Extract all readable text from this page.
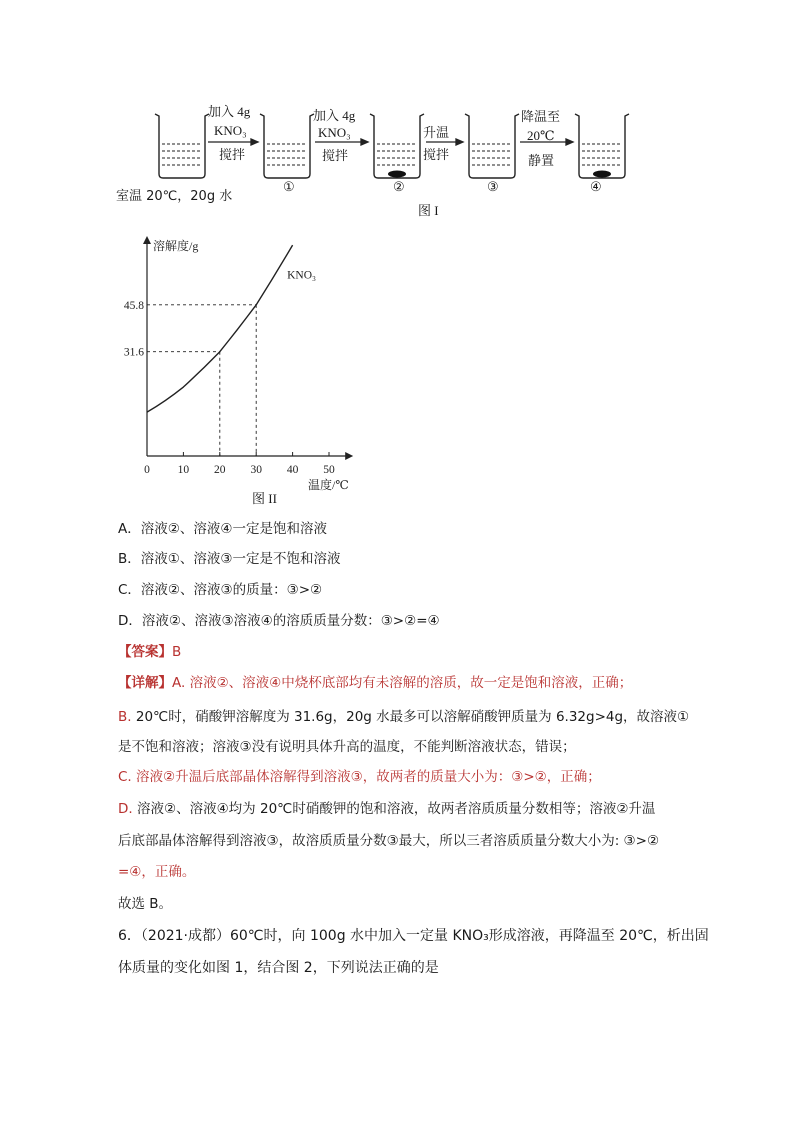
加入 4g
KNO₃
搅拌
加入 4g
KNO₃
搅拌
升温
搅拌
降温至
20℃
静置
室温 20℃，20g 水
①	②	③	④
图 I
溶解度/g
温度/℃
0 10 20 30 40 50
31.6
45.8
KNO₃
图 II
A．溶液②、溶液④一定是饱和溶液
B．溶液①、溶液③一定是不饱和溶液
C．溶液②、溶液③的质量：③>②
D．溶液②、溶液③溶液④的溶质质量分数：③>②=④
【答案】B
【详解】A. 溶液②、溶液④中烧杯底部均有未溶解的溶质，故一定是饱和溶液，正确；
B. 20℃时，硝酸钾溶解度为 31.6g，20g 水最多可以溶解硝酸钾质量为 6.32g>4g，故溶液①
是不饱和溶液；溶液③没有说明具体升高的温度，不能判断溶液状态，错误；
C. 溶液②升温后底部晶体溶解得到溶液③，故两者的质量大小为：③>②，正确；
D. 溶液②、溶液④均为 20℃时硝酸钾的饱和溶液，故两者溶质质量分数相等；溶液②升温
后底部晶体溶解得到溶液③，故溶质质量分数③最大，所以三者溶质质量分数大小为: ③>②
=④，正确。
故选 B。
6．（2021·成都）60℃时，向 100g 水中加入一定量 KNO₃形成溶液，再降温至 20℃，析出固
体质量的变化如图 1，结合图 2，下列说法正确的是
